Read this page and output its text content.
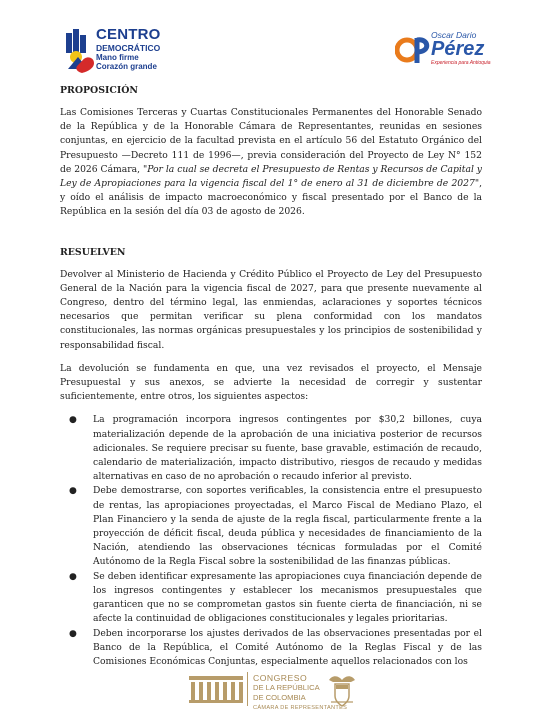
CENTRO
DEMOCRÁTICO
Mano firme
Corazón grande
Oscar Dario
Pérez
Experiencia para Antioquia
PROPOSICIÓN

Las Comisiones Terceras y Cuartas Constitucionales Permanentes del Honorable Senado de la República y de la Honorable Cámara de Representantes, reunidas en sesiones conjuntas, en ejercicio de la facultad prevista en el artículo 56 del Estatuto Orgánico del Presupuesto —Decreto 111 de 1996—, previa consideración del Proyecto de Ley N° 152 de 2026 Cámara, "Por la cual se decreta el Presupuesto de Rentas y Recursos de Capital y Ley de Apropiaciones para la vigencia fiscal del 1° de enero al 31 de diciembre de 2027", y oído el análisis de impacto macroeconómico y fiscal presentado por el Banco de la República en la sesión del día 03 de agosto de 2026.

RESUELVEN

Devolver al Ministerio de Hacienda y Crédito Público el Proyecto de Ley del Presupuesto General de la Nación para la vigencia fiscal de 2027, para que presente nuevamente al Congreso, dentro del término legal, las enmiendas, aclaraciones y soportes técnicos necesarios que permitan verificar su plena conformidad con los mandatos constitucionales, las normas orgánicas presupuestales y los principios de sostenibilidad y responsabilidad fiscal.

La devolución se fundamenta en que, una vez revisados el proyecto, el Mensaje Presupuestal y sus anexos, se advierte la necesidad de corregir y sustentar suficientemente, entre otros, los siguientes aspectos:

● La programación incorpora ingresos contingentes por $30,2 billones, cuya materialización depende de la aprobación de una iniciativa posterior de recursos adicionales. Se requiere precisar su fuente, base gravable, estimación de recaudo, calendario de materialización, impacto distributivo, riesgos de recaudo y medidas alternativas en caso de no aprobación o recaudo inferior al previsto.
● Debe demostrarse, con soportes verificables, la consistencia entre el presupuesto de rentas, las apropiaciones proyectadas, el Marco Fiscal de Mediano Plazo, el Plan Financiero y la senda de ajuste de la regla fiscal, particularmente frente a la proyección de déficit fiscal, deuda pública y necesidades de financiamiento de la Nación, atendiendo las observaciones técnicas formuladas por el Comité Autónomo de la Regla Fiscal sobre la sostenibilidad de las finanzas públicas.
● Se deben identificar expresamente las apropiaciones cuya financiación depende de los ingresos contingentes y establecer los mecanismos presupuestales que garanticen que no se comprometan gastos sin fuente cierta de financiación, ni se afecte la continuidad de obligaciones constitucionales y legales prioritarias.
● Deben incorporarse los ajustes derivados de las observaciones presentadas por el Banco de la República, el Comité Autónomo de la Reglas Fiscal y de las Comisiones Económicas Conjuntas, especialmente aquellos relacionados con los
CONGRESO
DE LA REPÚBLICA
DE COLOMBIA
CÁMARA DE REPRESENTANTES
